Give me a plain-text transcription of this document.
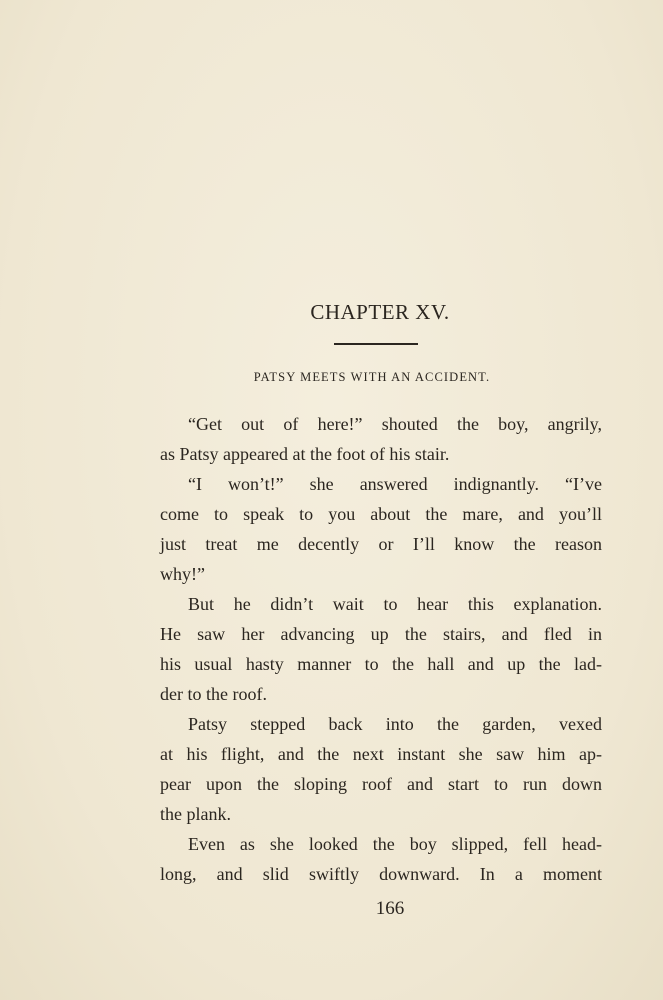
CHAPTER XV.
PATSY MEETS WITH AN ACCIDENT.
“Get out of here!” shouted the boy, angrily,
as Patsy appeared at the foot of his stair.
“I won’t!” she answered indignantly. “I’ve
come to speak to you about the mare, and you’ll
just treat me decently or I’ll know the reason
why!”
But he didn’t wait to hear this explanation.
He saw her advancing up the stairs, and fled in
his usual hasty manner to the hall and up the lad-
der to the roof.
Patsy stepped back into the garden, vexed
at his flight, and the next instant she saw him ap-
pear upon the sloping roof and start to run down
the plank.
Even as she looked the boy slipped, fell head-
long, and slid swiftly downward. In a moment
166
